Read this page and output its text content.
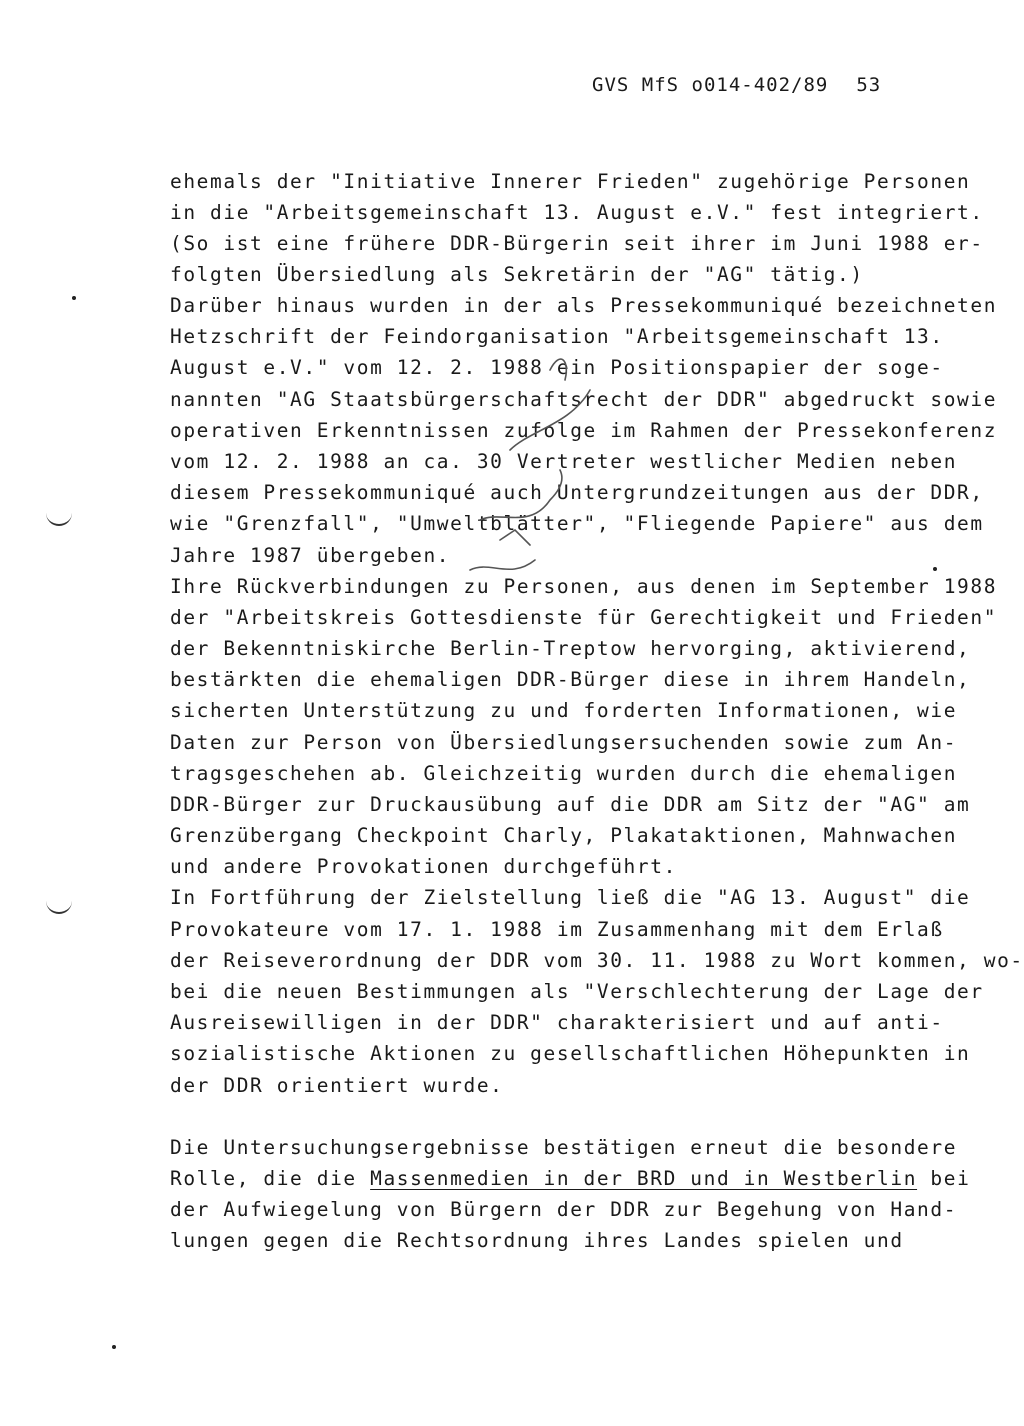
GVS MfS o014-402/89 53
ehemals der "Initiative Innerer Frieden" zugehörige Personen
in die "Arbeitsgemeinschaft 13. August e.V." fest integriert.
(So ist eine frühere DDR-Bürgerin seit ihrer im Juni 1988 er-
folgten Übersiedlung als Sekretärin der "AG" tätig.)
Darüber hinaus wurden in der als Pressekommuniqué bezeichneten
Hetzschrift der Feindorganisation "Arbeitsgemeinschaft 13.
August e.V." vom 12. 2. 1988 ein Positionspapier der soge-
nannten "AG Staatsbürgerschaftsrecht der DDR" abgedruckt sowie
operativen Erkenntnissen zufolge im Rahmen der Pressekonferenz
vom 12. 2. 1988 an ca. 30 Vertreter westlicher Medien neben
diesem Pressekommuniqué auch Untergrundzeitungen aus der DDR,
wie "Grenzfall", "Umweltblätter", "Fliegende Papiere" aus dem
Jahre 1987 übergeben.
Ihre Rückverbindungen zu Personen, aus denen im September 1988
der "Arbeitskreis Gottesdienste für Gerechtigkeit und Frieden"
der Bekenntniskirche Berlin-Treptow hervorging, aktivierend,
bestärkten die ehemaligen DDR-Bürger diese in ihrem Handeln,
sicherten Unterstützung zu und forderten Informationen, wie
Daten zur Person von Übersiedlungsersuchenden sowie zum An-
tragsgeschehen ab. Gleichzeitig wurden durch die ehemaligen
DDR-Bürger zur Druckausübung auf die DDR am Sitz der "AG" am
Grenzübergang Checkpoint Charly, Plakataktionen, Mahnwachen
und andere Provokationen durchgeführt.
In Fortführung der Zielstellung ließ die "AG 13. August" die
Provokateure vom 17. 1. 1988 im Zusammenhang mit dem Erlaß
der Reiseverordnung der DDR vom 30. 11. 1988 zu Wort kommen, wo-
bei die neuen Bestimmungen als "Verschlechterung der Lage der
Ausreisewilligen in der DDR" charakterisiert und auf anti-
sozialistische Aktionen zu gesellschaftlichen Höhepunkten in
der DDR orientiert wurde.
Die Untersuchungsergebnisse bestätigen erneut die besondere
Rolle, die die Massenmedien in der BRD und in Westberlin bei
der Aufwiegelung von Bürgern der DDR zur Begehung von Hand-
lungen gegen die Rechtsordnung ihres Landes spielen und
